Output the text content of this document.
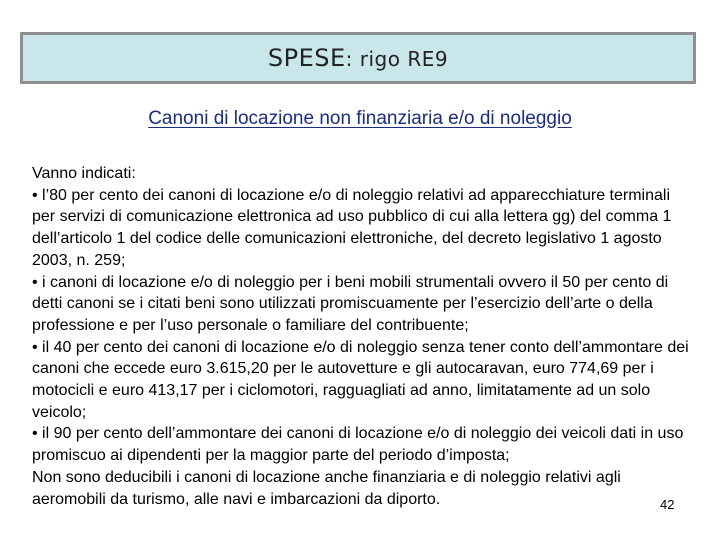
SPESE: rigo RE9
Canoni di locazione non finanziaria e/o di noleggio

Vanno indicati:

• l’80 per cento dei canoni di locazione e/o di noleggio relativi ad apparecchiature terminali per servizi di comunicazione elettronica ad uso pubblico di cui alla lettera gg) del comma 1 dell’articolo 1 del codice delle comunicazioni elettroniche, del decreto legislativo 1 agosto 2003, n. 259;

• i canoni di locazione e/o di noleggio per i beni mobili strumentali ovvero il 50 per cento di detti canoni se i citati beni sono utilizzati promiscuamente per l’esercizio dell’arte o della professione e per l’uso personale o familiare del contribuente;

• il 40 per cento dei canoni di locazione e/o di noleggio senza tener conto dell’ammontare dei canoni che eccede euro 3.615,20 per le autovetture e gli autocaravan, euro 774,69 per i motocicli e euro 413,17 per i ciclomotori, ragguagliati ad anno, limitatamente ad un solo veicolo;

• il 90 per cento dell’ammontare dei canoni di locazione e/o di noleggio dei veicoli dati in uso promiscuo ai dipendenti per la maggior parte del periodo d’imposta;

Non sono deducibili i canoni di locazione anche finanziaria e di noleggio relativi agli aeromobili da turismo, alle navi e imbarcazioni da diporto.	42
